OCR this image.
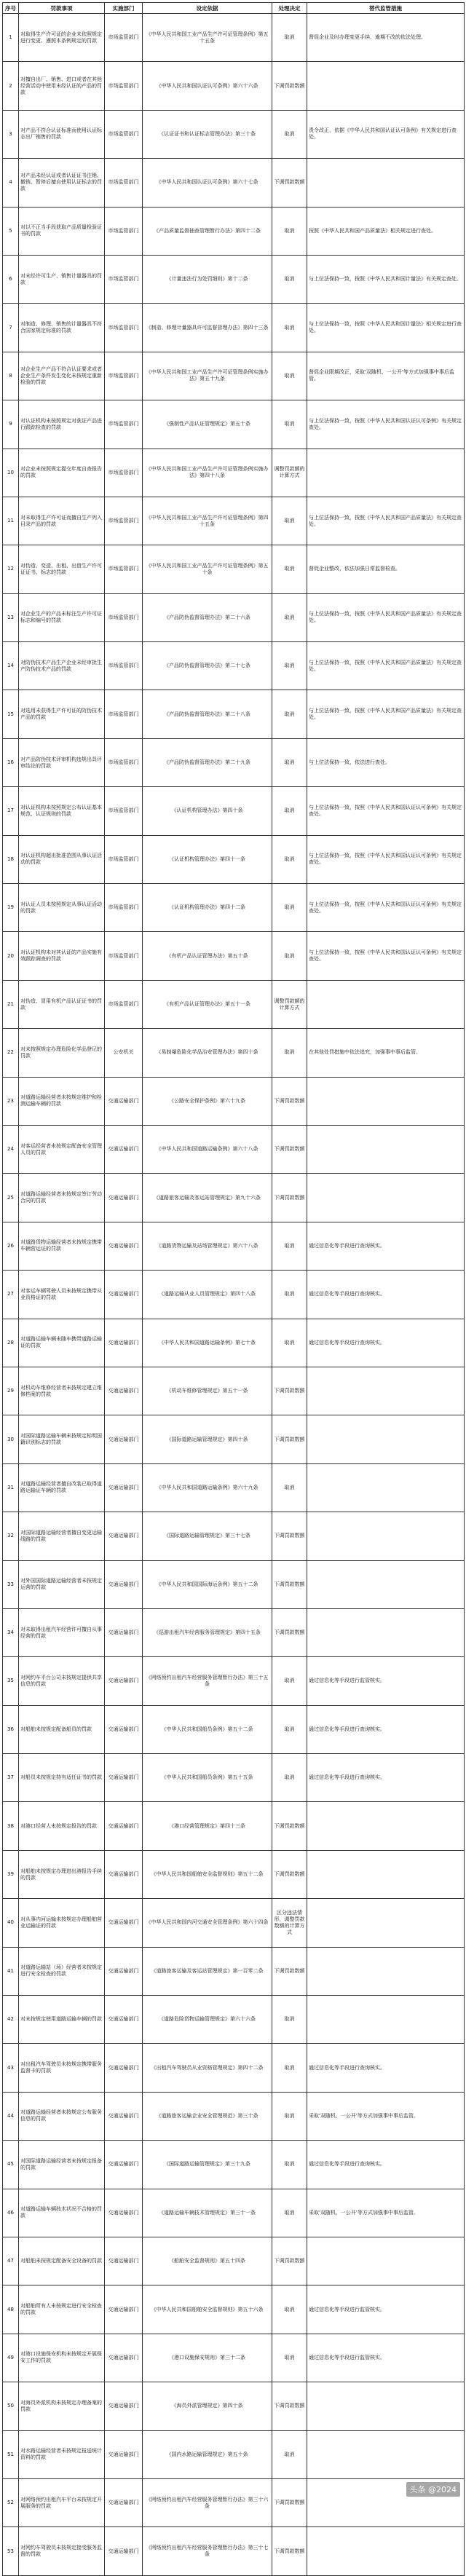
序号	罚款事项	实施部门	设定依据	处理决定	替代监管措施
1	对取得生产许可证的企业未依照规定进行变更、遵照本条例规定的罚款	市场监管部门	《中华人民共和国工业产品生产许可证管理条例》第五十五条	取消	督促企业及时办理变更手续，逾期不改的依法处理。
2	对擅自出厂、销售、进口或者在其他经营活动中使用未经认证的产品的罚款	市场监管部门	《中华人民共和国认证认可条例》第六十六条	下调罚款数额	
3	对产品不符合认证标准而使用认证标志出厂销售的罚款	市场监管部门	《认证证书和认证标志管理办法》第三十条	取消	责令改正，依据《中华人民共和国认证认可条例》有关规定进行查处。
4	对产品未经认证或者认证证书注销、撤销、暂停后擅自使用认证标志的罚款	市场监管部门	《中华人民共和国认证认可条例》第六十七条	下调罚款数额	
5	对以不正当手段获取产品质量检验证书的罚款	市场监管部门	《产品质量监督抽查管理暂行办法》第四十二条	取消	按照《中华人民共和国产品质量法》相关规定进行查处。
6	对未经许可生产、销售计量器具的罚款	市场监管部门	《计量违法行为处罚细则》第十二条	取消	与上位法保持一致，按照《中华人民共和国计量法》有关规定查处。
7	对制造、修理、销售的计量器具不符合国家规定标准的罚款	市场监管部门	《制造、修理计量器具许可监督管理办法》第四十三条	取消	与上位法保持一致，按照《中华人民共和国计量法》相关规定进行查处。
8	对企业生产产品不符合认证要求或者企业生产条件发生变化未按规定重新检验的罚款	市场监管部门	《中华人民共和国工业产品生产许可证管理条例实施办法》第五十九条	取消	督促企业限期改正，采取'双随机、一公开'等方式加强事中事后监管。
9	对认证机构未按照规定对获证产品进行跟踪检查的罚款	市场监管部门	《强制性产品认证管理规定》第五十条	取消	与上位法保持一致，按照《中华人民共和国认证认可条例》有关规定查处。
10	对企业未按照规定提交年度自查报告的罚款	市场监管部门	《中华人民共和国工业产品生产许可证管理条例实施办法》第四十八条	调整罚款额的计算方式	
11	对未取得生产许可证而擅自生产列入目录产品的罚款	市场监管部门	《中华人民共和国工业产品生产许可证管理条例》第四十五条	取消	与上位法保持一致，按照《中华人民共和国产品质量法》有关规定查处。
12	对伪造、变造、出租、出借生产许可证证书、标志的罚款	市场监管部门	《中华人民共和国工业产品生产许可证管理条例》第五十条	取消	督促企业整改，依法加强日常监督检查。
13	对企业生产的产品未标注生产许可证标志和编号的罚款	市场监管部门	《产品防伪监督管理办法》第二十六条	取消	与上位法保持一致，按照《中华人民共和国产品质量法》有关规定查处。
14	对防伪技术产品生产企业未经审批生产防伪技术产品的罚款	市场监管部门	《产品防伪监督管理办法》第二十七条	取消	与上位法保持一致，按照《中华人民共和国产品质量法》有关规定查处。
15	对选用未获得生产许可证的防伪技术产品的罚款	市场监管部门	《产品防伪监督管理办法》第二十八条	取消	与上位法保持一致，按照《中华人民共和国产品质量法》有关规定查处。
16	对产品防伪技术评审机构违规出具评审结论的罚款	市场监管部门	《产品防伪监督管理办法》第二十九条	取消	与上位法保持一致，依法进行查处。
17	对认证机构未按照规定公布认证基本规范、认证规则的罚款	市场监管部门	《认证机构管理办法》第四十条	取消	与上位法保持一致，按照《中华人民共和国认证认可条例》有关规定查处。
18	对认证机构超出批准范围从事认证活动的罚款	市场监管部门	《认证机构管理办法》第四十一条	取消	与上位法保持一致，按照《中华人民共和国认证认可条例》有关规定查处。
19	对认证人员未按照规定从事认证活动的罚款	市场监管部门	《认证机构管理办法》第四十二条	取消	与上位法保持一致，按照《中华人民共和国认证认可条例》有关规定查处。
20	对认证机构未对其认证的产品实施有效跟踪调查的罚款	市场监管部门	《有机产品认证管理办法》第五十条	取消	与上位法保持一致，按照《中华人民共和国认证认可条例》有关规定查处。
21	对伪造、冒用有机产品认证证书的罚款	市场监管部门	《有机产品认证管理办法》第五十一条	调整罚款额的计算方式	
22	对未按照规定办理危险化学品登记的罚款	公安机关	《易制爆危险化学品治安管理办法》第四十条	取消	在其他处罚措施中依法追究，加强事中事后监管。
23	对道路运输经营者未按规定维护和检测运输车辆的罚款	交通运输部门	《公路安全保护条例》第六十九条	下调罚款数额	
24	对客运经营者未按规定配备安全管理人员的罚款	交通运输部门	《中华人民共和国道路运输条例》第六十八条	下调罚款数额	
25	对道路运输经营者未按规定签订劳动合同的罚款	交通运输部门	《道路旅客运输及客运站管理规定》第九十六条	下调罚款数额	
26	对道路货物运输经营者未按规定携带车辆营运证的罚款	交通运输部门	《道路货物运输及站场管理规定》第六十八条	取消	通过信息化等手段进行查询核实。
27	对客运车辆驾驶人员未按规定携带从业资格证的罚款	交通运输部门	《道路运输从业人员管理规定》第四十八条	取消	通过信息化等手段进行查询核实。
28	对道路运输车辆未随车携带道路运输证的罚款	交通运输部门	《中华人民共和国道路运输条例》第七十条	取消	通过信息化等手段进行查询核实。
29	对机动车维修经营者未按规定建立维修档案的罚款	交通运输部门	《机动车维修管理规定》第五十一条	下调罚款数额	
30	对国际道路运输车辆未按规定标明国籍识别标志的罚款	交通运输部门	《国际道路运输管理规定》第四十条	下调罚款数额	
31	对道路运输经营者擅自改装已取得道路运输证车辆的罚款	交通运输部门	《中华人民共和国道路运输条例》第六十九条	取消	
32	对国际道路运输经营者擅自变更运输线路的罚款	交通运输部门	《国际道路运输管理规定》第三十七条	下调罚款数额	
33	对外国国际道路运输经营者未按规定运营的罚款	交通运输部门	《中华人民共和国国际海运条例》第五十二条	下调罚款数额	
34	对未取得出租汽车经营许可擅自从事经营的罚款	交通运输部门	《巡游出租汽车经营服务管理规定》第四十五条	下调罚款数额	
35	对网约车平台公司未按规定提供共享信息的罚款	交通运输部门	《网络预约出租汽车经营服务管理暂行办法》第三十五条	取消	通过信息化等手段进行监管核实。
36	对船舶未按规定配备船员的罚款	交通运输部门	《中华人民共和国船员条例》第五十二条	取消	通过信息化等手段进行查询核实。
37	对船员未按规定持有适任证书的罚款	交通运输部门	《中华人民共和国船员条例》第五十五条	取消	通过信息化等手段进行查询核实。
38	对港口经营人未按规定报告的罚款	交通运输部门	《港口经营管理规定》第四十三条	下调罚款数额	
39	对船舶未按规定办理进出港报告手续的罚款	交通运输部门	《中华人民共和国船舶安全监督规则》第五十二条	下调罚款数额	
40	对从事内河运输未按规定办理船舶营业运输证的罚款	交通运输部门	《中华人民共和国内河交通安全管理条例》第六十四条	区分违法情形，调整罚款数额的计算方式	
41	对道路运输站（场）经营者未按规定进行安全检查的罚款	交通运输部门	《道路旅客运输及客运站管理规定》第一百零二条	下调罚款数额	
42	对未按规定使用道路运输车辆的罚款	交通运输部门	《道路危险货物运输管理规定》第六十六条	取消	
43	对出租汽车驾驶员未按规定携带服务监督卡的罚款	交通运输部门	《出租汽车驾驶员从业资格管理规定》第四十二条	取消	通过信息化等手段进行查询核实。
44	对道路运输经营者未按规定公布服务信息的罚款	交通运输部门	《道路旅客运输企业安全管理规范》第三十条	取消	采取'双随机、一公开'等方式加强事中事后监管。
45	对国际道路运输经营者未按规定报备的罚款	交通运输部门	《国际道路运输管理规定》第三十九条	取消	通过信息化等手段进行查询核实。
46	对道路运输车辆技术状况不合格的罚款	交通运输部门	《道路运输车辆技术管理规定》第三十一条	取消	采取'双随机、一公开'等方式加强事中事后监管。
47	对船舶未按规定配备安全设备的罚款	交通运输部门	《船舶安全监督规则》第五十四条	下调罚款数额	
48	对船舶所有人未按规定进行安全检查的罚款	交通运输部门	《中华人民共和国船舶安全监督规则》第五十六条	取消	通过信息化等手段进行监管核实。
49	对港口设施保安机构未按规定开展保安工作的罚款	交通运输部门	《港口设施保安规则》第三十二条	取消	通过信息化等手段进行监管核实。
50	对海员外派机构未按规定办理备案的罚款	交通运输部门	《海员外派管理规定》第四十条	下调罚款数额	
51	对水路运输经营者未按规定报送统计资料的罚款	交通运输部门	《国内水路运输管理规定》第五十条	取消	
52	对网络预约出租汽车平台未按规定开展服务的罚款	交通运输部门	《网络预约出租汽车经营服务管理暂行办法》第三十六条	下调罚款数额	
53	对网约车驾驶员未按规定接受服务监督的罚款	交通运输部门	《网络预约出租汽车经营服务管理暂行办法》第三十七条	下调罚款数额	
头条 @2024
